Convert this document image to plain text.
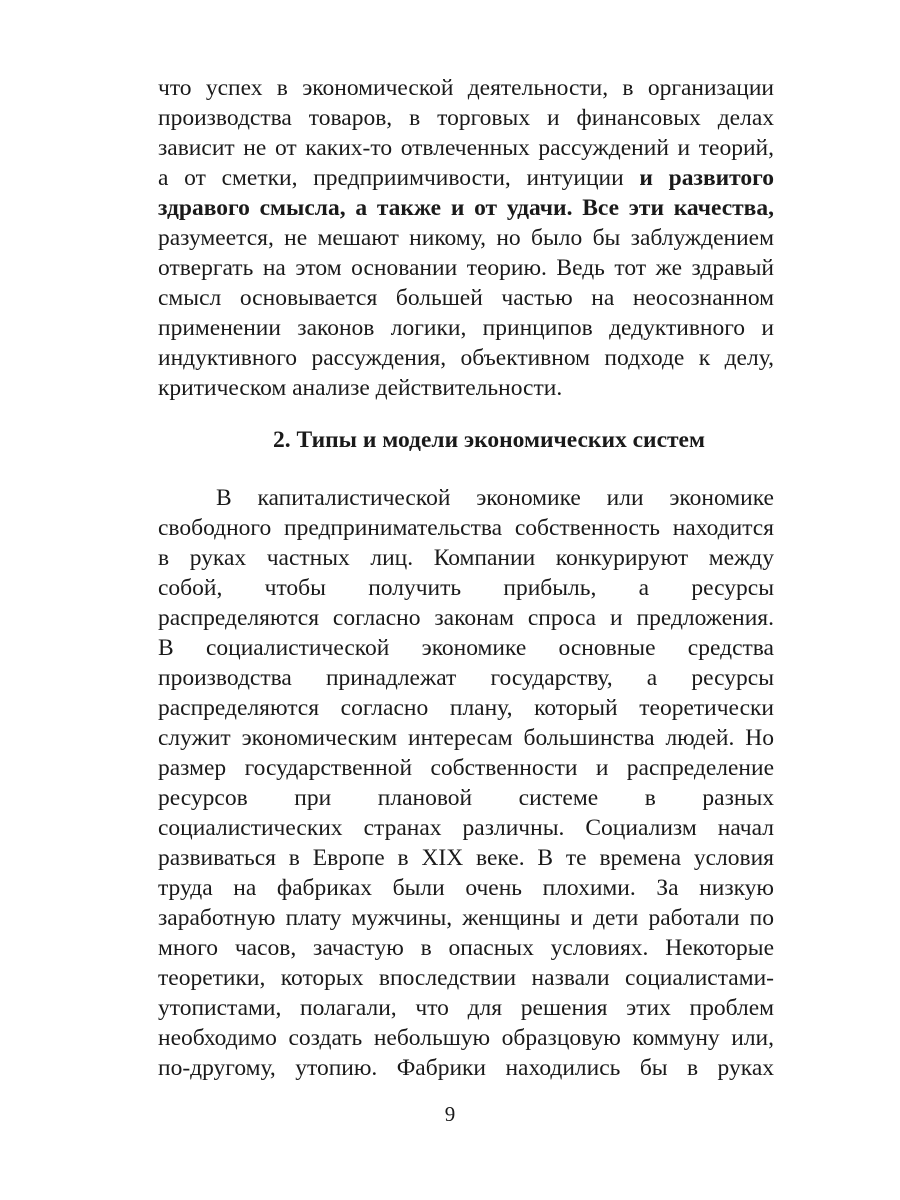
что успех в экономической деятельности, в организации
производства товаров, в торговых и финансовых делах
зависит не от каких-то отвлеченных рассуждений и теорий,
а от сметки, предприимчивости, интуиции и развитого
здравого смысла, а также и от удачи. Все эти качества,
разумеется, не мешают никому, но было бы заблуждением
отвергать на этом основании теорию. Ведь тот же здравый
смысл основывается большей частью на неосознанном
применении законов логики, принципов дедуктивного и
индуктивного рассуждения, объективном подходе к делу,
критическом анализе действительности.
2. Типы и модели экономических систем
В капиталистической экономике или экономике
свободного предпринимательства собственность находится
в руках частных лиц. Компании конкурируют между
собой, чтобы получить прибыль, а ресурсы
распределяются согласно законам спроса и предложения.
В социалистической экономике основные средства
производства принадлежат государству, а ресурсы
распределяются согласно плану, который теоретически
служит экономическим интересам большинства людей. Но
размер государственной собственности и распределение
ресурсов при плановой системе в разных
социалистических странах различны. Социализм начал
развиваться в Европе в XIX веке. В те времена условия
труда на фабриках были очень плохими. За низкую
заработную плату мужчины, женщины и дети работали по
много часов, зачастую в опасных условиях. Некоторые
теоретики, которых впоследствии назвали социалистами-
утопистами, полагали, что для решения этих проблем
необходимо создать небольшую образцовую коммуну или,
по-другому, утопию. Фабрики находились бы в руках
9
